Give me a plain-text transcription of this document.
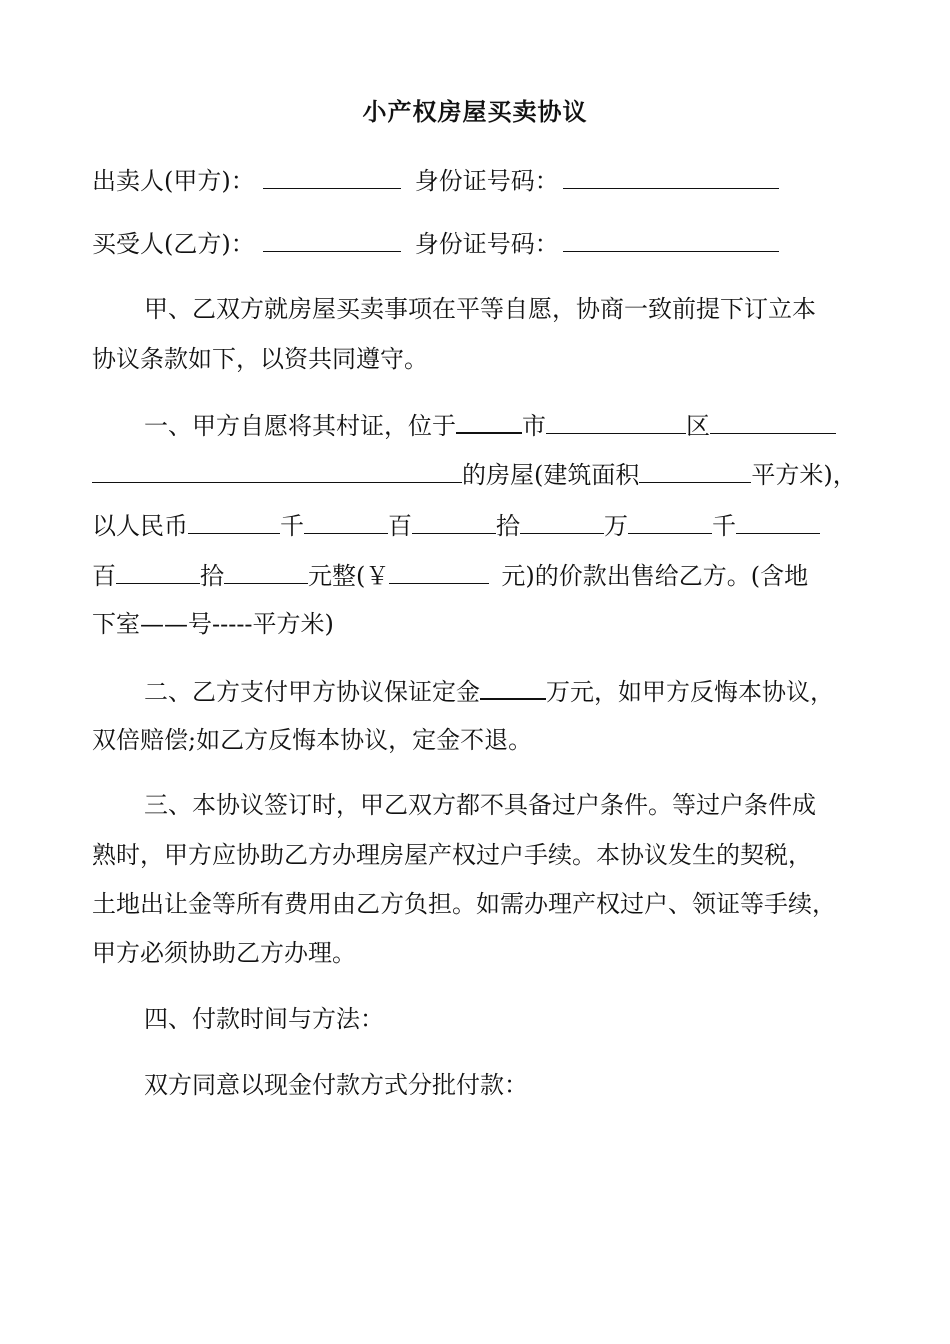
小产权房屋买卖协议
出卖人(甲方)：	身份证号码：
买受人(乙方)：	身份证号码：
甲、乙双方就房屋买卖事项在平等自愿，协商一致前提下订立本
协议条款如下，以资共同遵守。
一、甲方自愿将其村证，位于	市	区
的房屋(建筑面积	平方米)，
以人民币	千	百	拾	万	千
百	拾	元整(￥	元)的价款出售给乙方。(含地
下室——号-----平方米)
二、乙方支付甲方协议保证定金	万元，如甲方反悔本协议，
双倍赔偿;如乙方反悔本协议，定金不退。
三、本协议签订时，甲乙双方都不具备过户条件。等过户条件成
熟时，甲方应协助乙方办理房屋产权过户手续。本协议发生的契税，
土地出让金等所有费用由乙方负担。如需办理产权过户、领证等手续，
甲方必须协助乙方办理。
四、付款时间与方法：
双方同意以现金付款方式分批付款：
